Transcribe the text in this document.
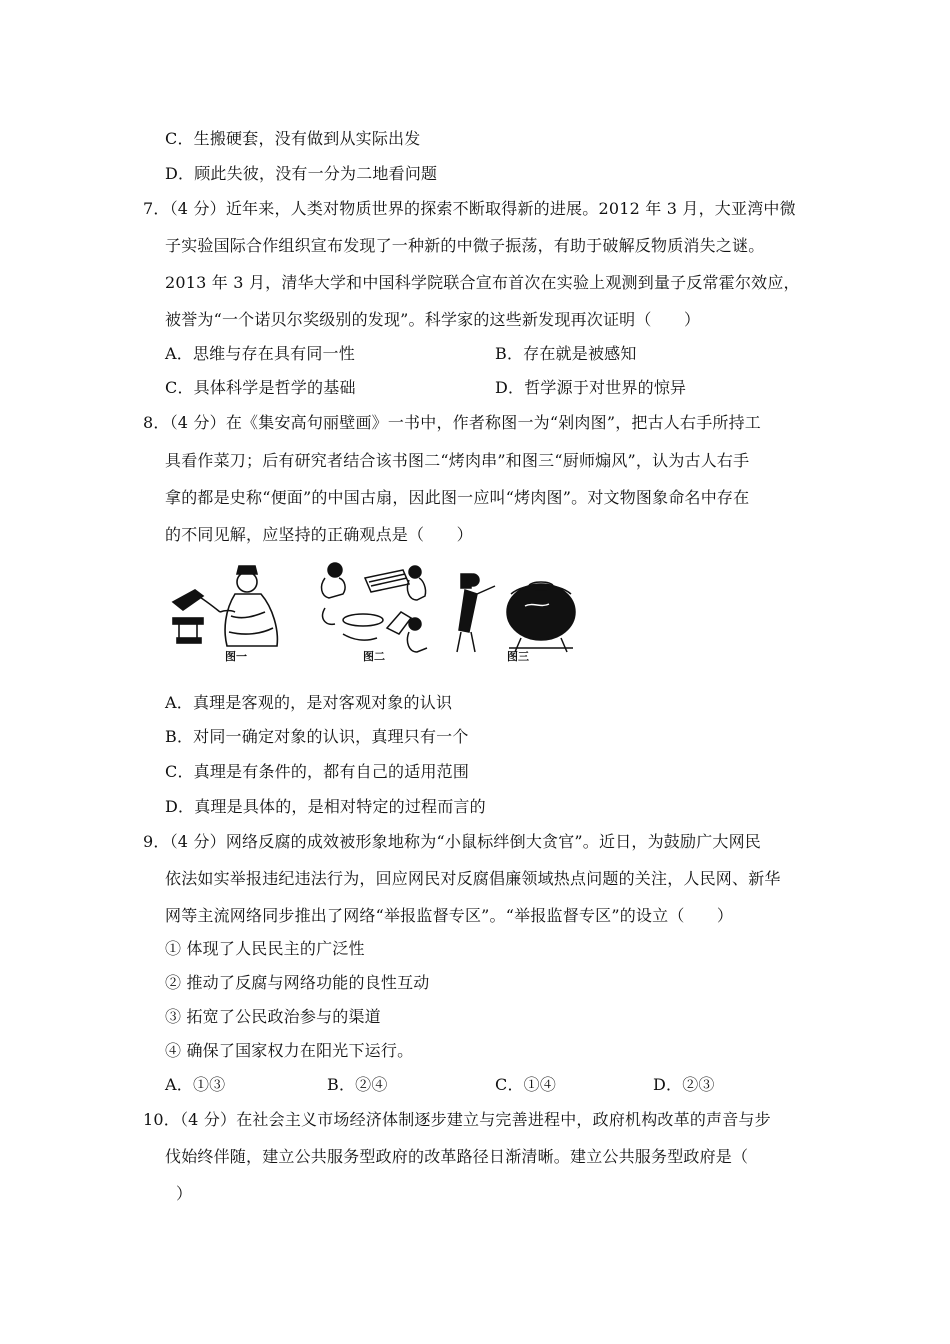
C．生搬硬套，没有做到从实际出发
D．顾此失彼，没有一分为二地看问题
7．（4 分）近年来，人类对物质世界的探索不断取得新的进展。2012 年 3 月，大亚湾中微
子实验国际合作组织宣布发现了一种新的中微子振荡，有助于破解反物质消失之谜。
2013 年 3 月，清华大学和中国科学院联合宣布首次在实验上观测到量子反常霍尔效应，
被誉为“一个诺贝尔奖级别的发现”。科学家的这些新发现再次证明（　　）
A．思维与存在具有同一性	B．存在就是被感知
C．具体科学是哲学的基础	D．哲学源于对世界的惊异
8．（4 分）在《集安高句丽壁画》一书中，作者称图一为“剁肉图”，把古人右手所持工
具看作菜刀；后有研究者结合该书图二“烤肉串”和图三“厨师煽风”，认为古人右手
拿的都是史称“便面”的中国古扇，因此图一应叫“烤肉图”。对文物图象命名中存在
的不同见解，应坚持的正确观点是（　　）
图一	图二	图三
A．真理是客观的，是对客观对象的认识
B．对同一确定对象的认识，真理只有一个
C．真理是有条件的，都有自己的适用范围
D．真理是具体的，是相对特定的过程而言的
9．（4 分）网络反腐的成效被形象地称为“小鼠标绊倒大贪官”。近日，为鼓励广大网民
依法如实举报违纪违法行为，回应网民对反腐倡廉领域热点问题的关注，人民网、新华
网等主流网络同步推出了网络“举报监督专区”。“举报监督专区”的设立（　　）
① 体现了人民民主的广泛性
② 推动了反腐与网络功能的良性互动
③ 拓宽了公民政治参与的渠道
④ 确保了国家权力在阳光下运行。
A．①③	B．②④	C．①④	D．②③
10．（4 分）在社会主义市场经济体制逐步建立与完善进程中，政府机构改革的声音与步
伐始终伴随，建立公共服务型政府的改革路径日渐清晰。建立公共服务型政府是（
）
